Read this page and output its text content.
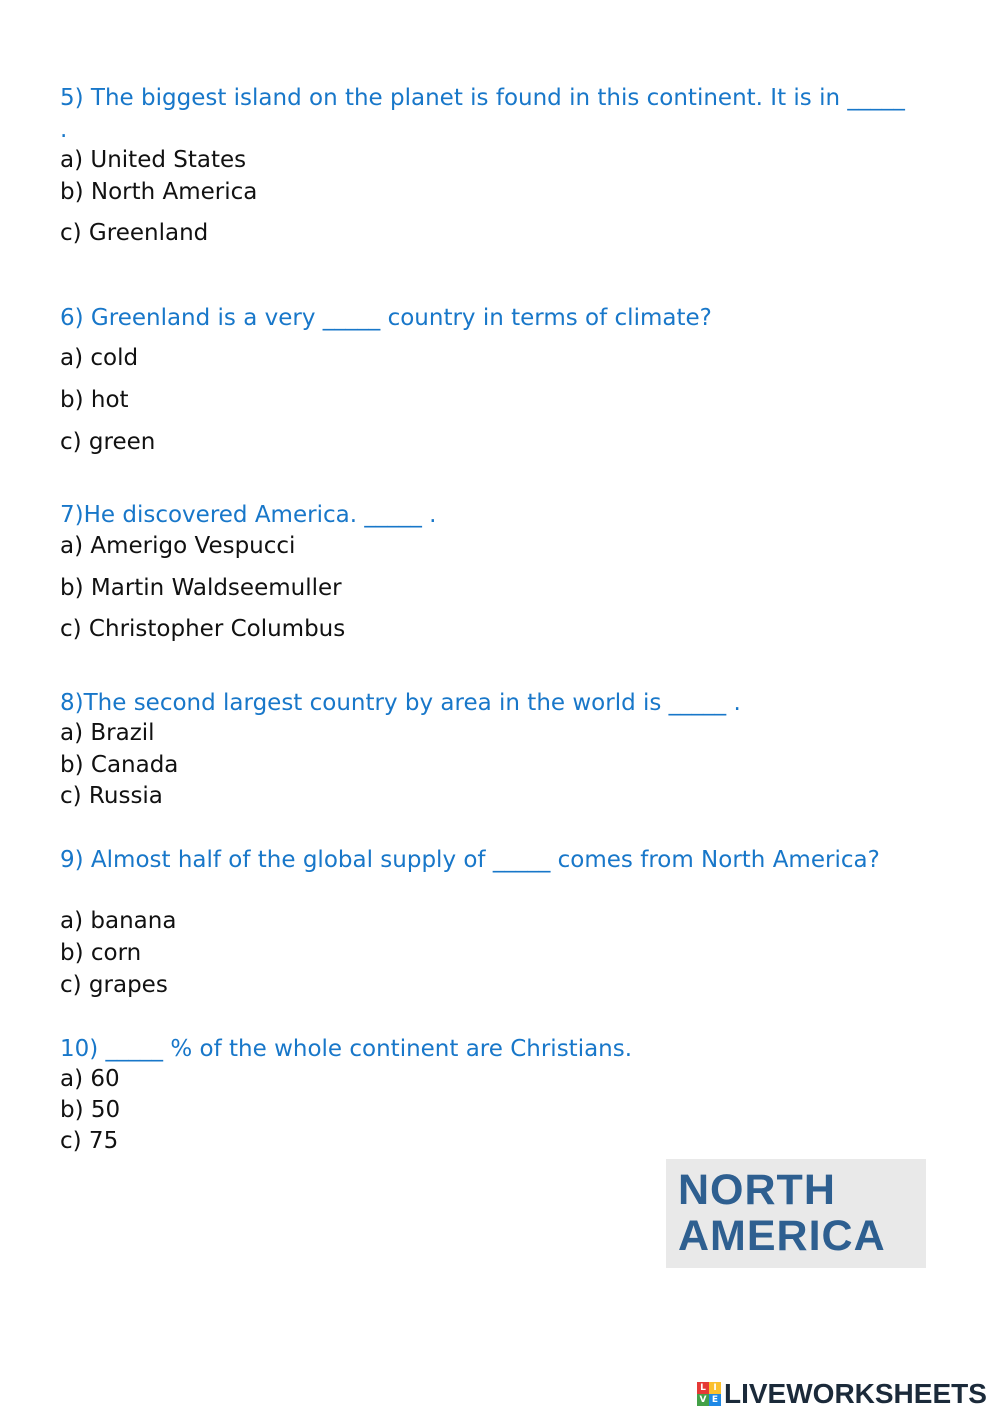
5) The biggest island on the planet is found in this continent. It is in _____ .
a) United States
b) North America
c) Greenland
6) Greenland is a very _____ country in terms of climate?
a) cold
b) hot
c) green
7)He discovered America. _____ .
a) Amerigo Vespucci
b) Martin Waldseemuller
c) Christopher Columbus
8)The second largest country by area in the world is _____ .
a) Brazil
b) Canada
c) Russia
9) Almost half of the global supply of _____ comes from North America?
a) banana
b) corn
c) grapes
10) _____ % of the whole continent are Christians.
a) 60
b) 50
c) 75
NORTH
AMERICA
L I
V E LIVEWORKSHEETS
